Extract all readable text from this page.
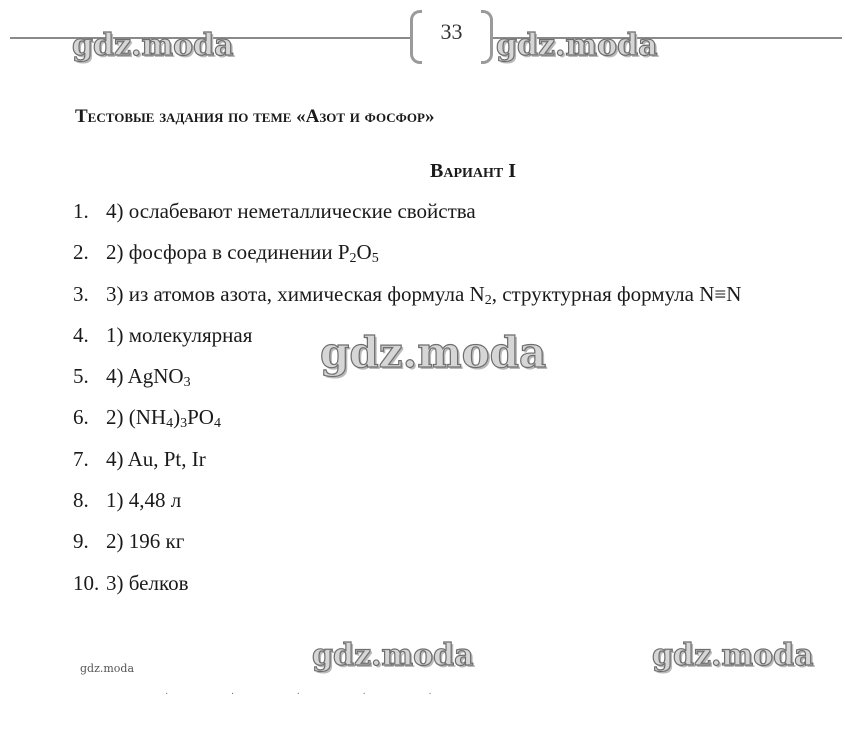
33
gdz.moda	gdz.moda
Тестовые задания по теме «Азот и фосфор»
Вариант I
1. 4) ослабевают неметаллические свойства
2. 2) фосфора в соединении $P_2O_5$
3. 3) из атомов азота, химическая формула $N_2$, структурная формула N≡N
4. 1) молекулярная
5. 4) AgNO$_3$
6. 2) $(NH_4)_3PO_4$
7. 4) Au, Pt, Ir
8. 1) 4,48 л
9. 2) 196 кг
10. 3) белков
gdz.moda
gdz.moda	gdz.moda
gdz.moda
· · · · ·
